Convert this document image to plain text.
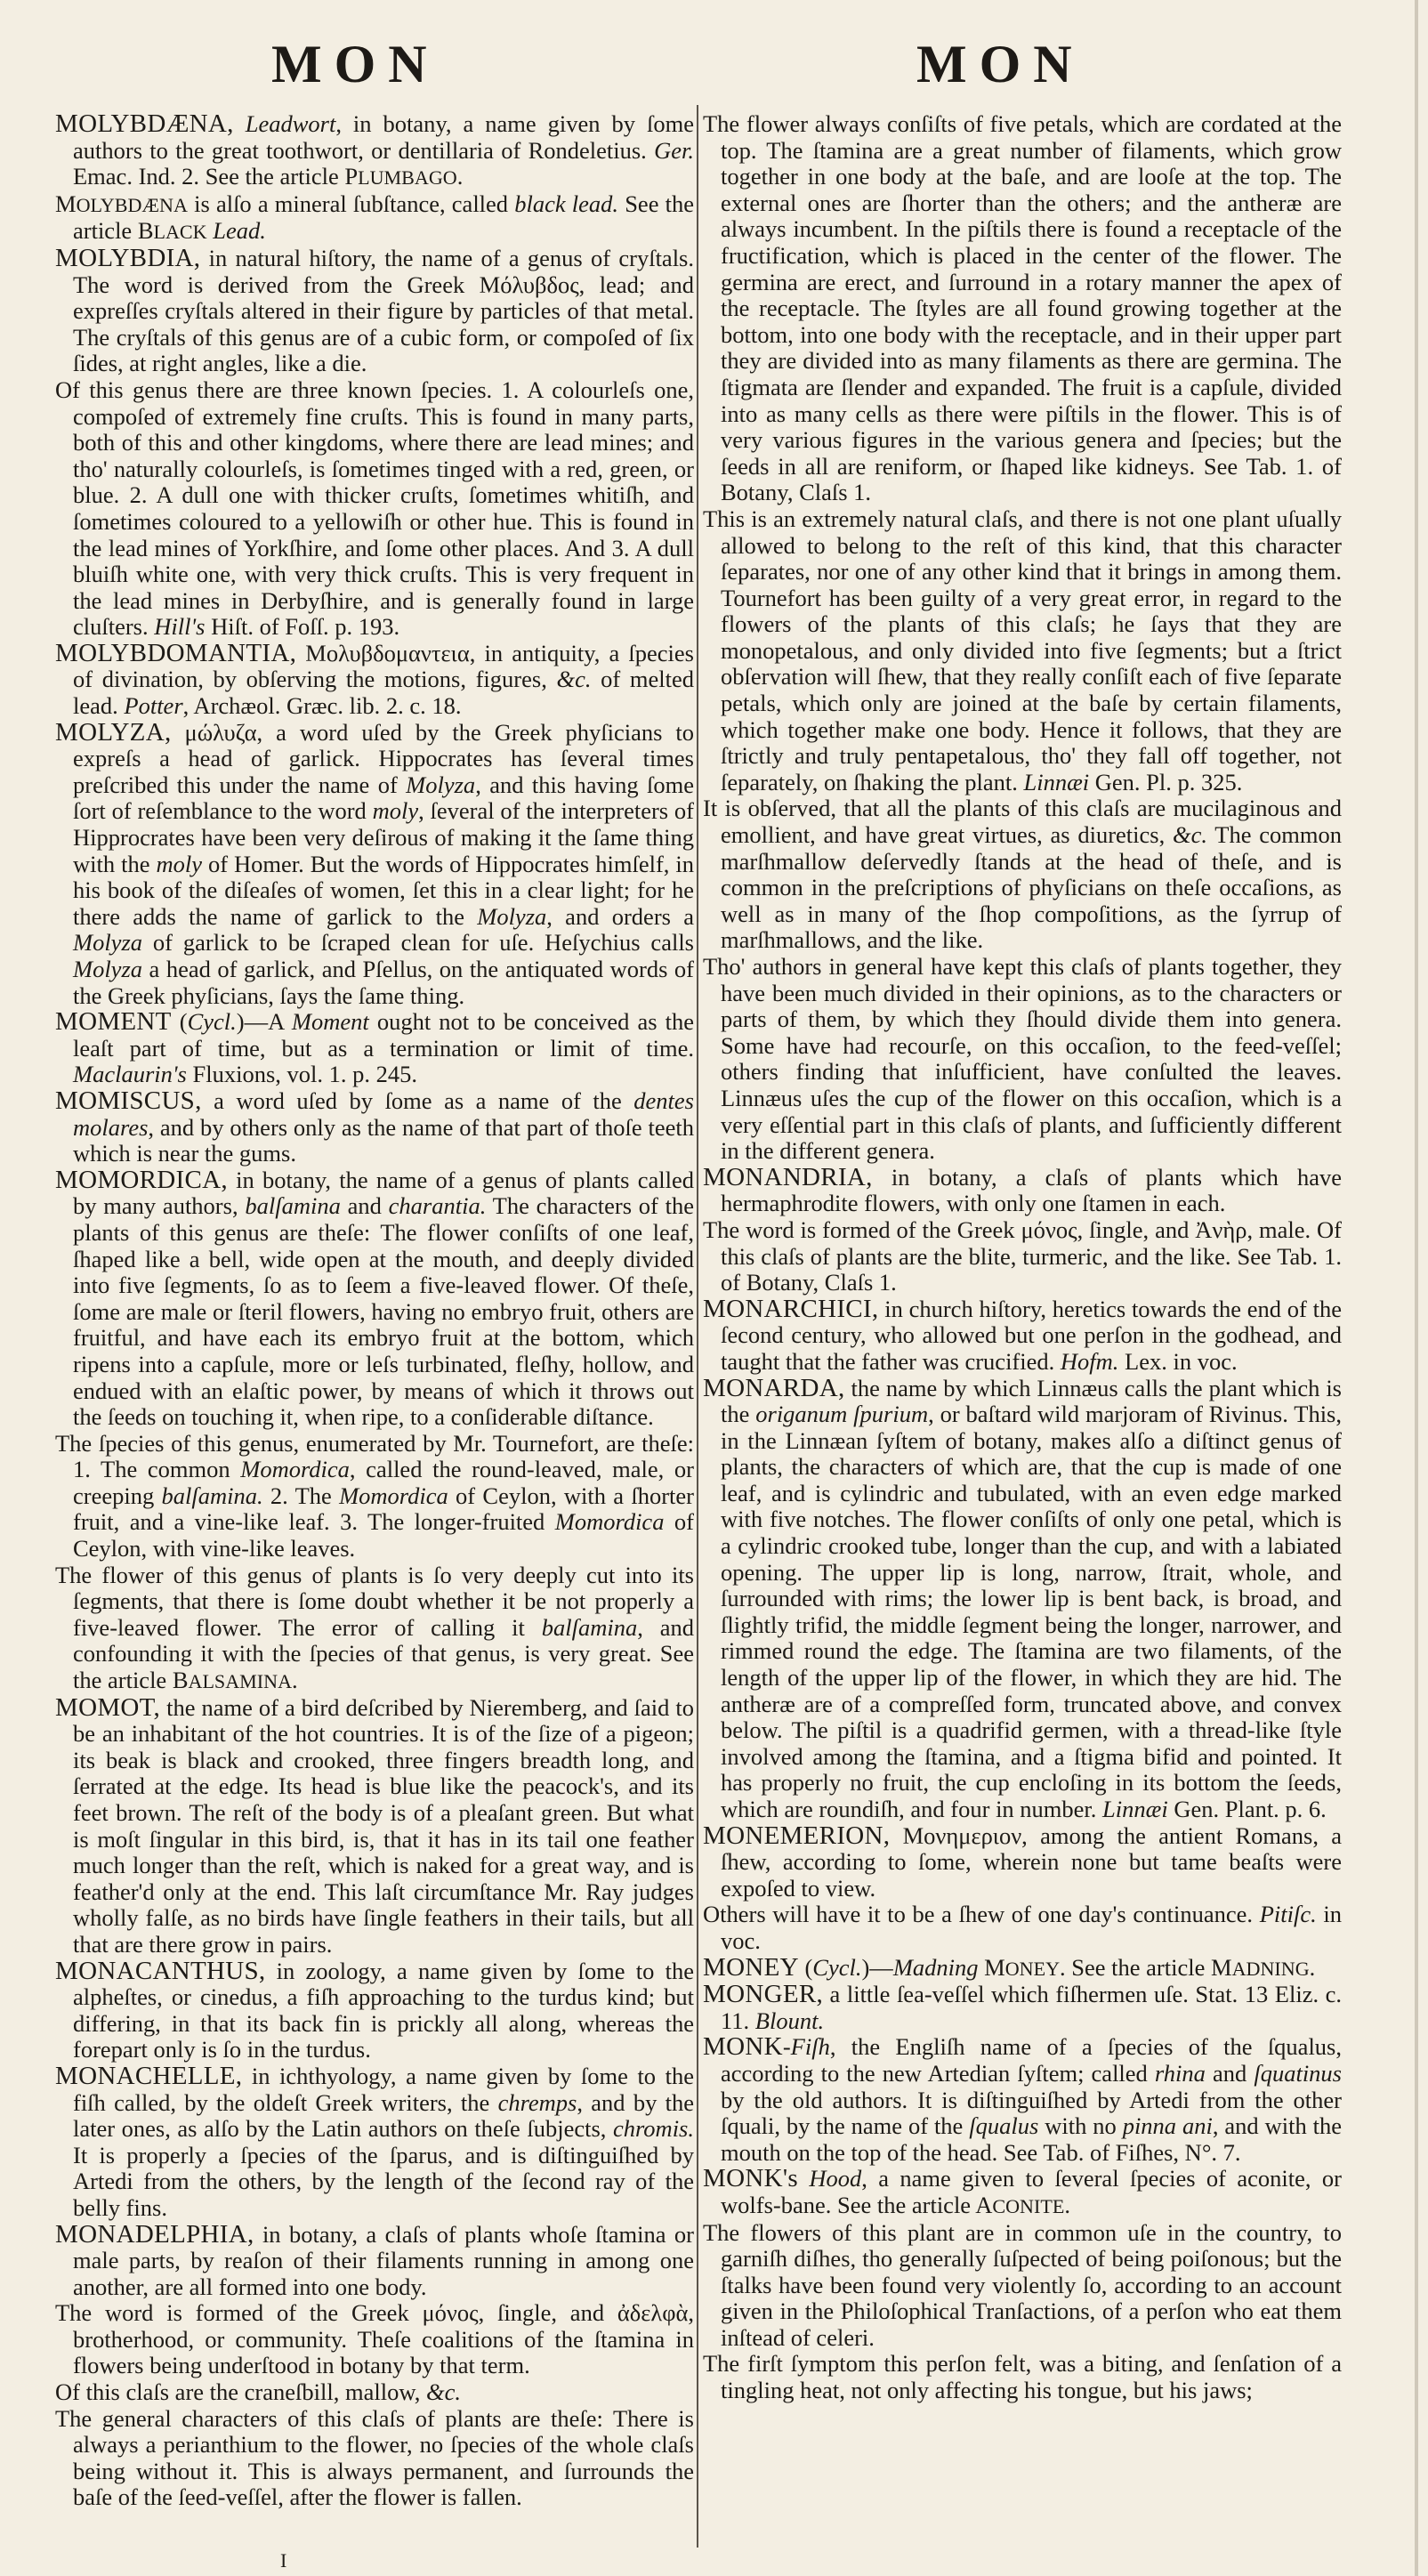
MON	MON

MOLYBDÆNA, Leadwort, in botany, a name given by ſome authors to the great toothwort, or dentillaria of Rondeletius. Ger. Emac. Ind. 2. See the article PLUMBAGO.

MOLYBDÆNA is alſo a mineral ſubſtance, called black lead. See the article BLACK Lead.

MOLYBDIA, in natural hiſtory, the name of a genus of cryſtals. The word is derived from the Greek Μόλυβδος, lead; and expreſſes cryſtals altered in their figure by particles of that metal. The cryſtals of this genus are of a cubic form, or compoſed of ſix ſides, at right angles, like a die.

Of this genus there are three known ſpecies. 1. A colourleſs one, compoſed of extremely fine cruſts. This is found in many parts, both of this and other kingdoms, where there are lead mines; and tho' naturally colourleſs, is ſometimes tinged with a red, green, or blue. 2. A dull one with thicker cruſts, ſometimes whitiſh, and ſometimes coloured to a yellowiſh or other hue. This is found in the lead mines of Yorkſhire, and ſome other places. And 3. A dull bluiſh white one, with very thick cruſts. This is very frequent in the lead mines in Derbyſhire, and is generally found in large cluſters. Hill's Hiſt. of Foſſ. p. 193.

MOLYBDOMANTIA, Μολυβδομαντεια, in antiquity, a ſpecies of divination, by obſerving the motions, figures, &c. of melted lead. Potter, Archæol. Græc. lib. 2. c. 18.

MOLYZA, μώλυζα, a word uſed by the Greek phyſicians to expreſs a head of garlick. Hippocrates has ſeveral times preſcribed this under the name of Molyza, and this having ſome ſort of reſemblance to the word moly, ſeveral of the interpreters of Hipprocrates have been very deſirous of making it the ſame thing with the moly of Homer. But the words of Hippocrates himſelf, in his book of the diſeaſes of women, ſet this in a clear light; for he there adds the name of garlick to the Molyza, and orders a Molyza of garlick to be ſcraped clean for uſe. Heſychius calls Molyza a head of garlick, and Pſellus, on the antiquated words of the Greek phyſicians, ſays the ſame thing.

MOMENT (Cycl.)—A Moment ought not to be conceived as the leaſt part of time, but as a termination or limit of time. Maclaurin's Fluxions, vol. 1. p. 245.

MOMISCUS, a word uſed by ſome as a name of the dentes molares, and by others only as the name of that part of thoſe teeth which is near the gums.

MOMORDICA, in botany, the name of a genus of plants called by many authors, balſamina and charantia. The characters of the plants of this genus are theſe: The flower conſiſts of one leaf, ſhaped like a bell, wide open at the mouth, and deeply divided into five ſegments, ſo as to ſeem a five-leaved flower. Of theſe, ſome are male or ſteril flowers, having no embryo fruit, others are fruitful, and have each its embryo fruit at the bottom, which ripens into a capſule, more or leſs turbinated, fleſhy, hollow, and endued with an elaſtic power, by means of which it throws out the ſeeds on touching it, when ripe, to a conſiderable diſtance.

The ſpecies of this genus, enumerated by Mr. Tournefort, are theſe: 1. The common Momordica, called the round-leaved, male, or creeping balſamina. 2. The Momordica of Ceylon, with a ſhorter fruit, and a vine-like leaf. 3. The longer-fruited Momordica of Ceylon, with vine-like leaves.

The flower of this genus of plants is ſo very deeply cut into its ſegments, that there is ſome doubt whether it be not properly a five-leaved flower. The error of calling it balſamina, and confounding it with the ſpecies of that genus, is very great. See the article BALSAMINA.

MOMOT, the name of a bird deſcribed by Nieremberg, and ſaid to be an inhabitant of the hot countries. It is of the ſize of a pigeon; its beak is black and crooked, three fingers breadth long, and ſerrated at the edge. Its head is blue like the peacock's, and its feet brown. The reſt of the body is of a pleaſant green. But what is moſt ſingular in this bird, is, that it has in its tail one feather much longer than the reſt, which is naked for a great way, and is feather'd only at the end. This laſt circumſtance Mr. Ray judges wholly falſe, as no birds have ſingle feathers in their tails, but all that are there grow in pairs.

MONACANTHUS, in zoology, a name given by ſome to the alpheſtes, or cinedus, a fiſh approaching to the turdus kind; but differing, in that its back fin is prickly all along, whereas the forepart only is ſo in the turdus.

MONACHELLE, in ichthyology, a name given by ſome to the fiſh called, by the oldeſt Greek writers, the chremps, and by the later ones, as alſo by the Latin authors on theſe ſubjects, chromis. It is properly a ſpecies of the ſparus, and is diſtinguiſhed by Artedi from the others, by the length of the ſecond ray of the belly fins.

MONADELPHIA, in botany, a claſs of plants whoſe ſtamina or male parts, by reaſon of their filaments running in among one another, are all formed into one body.

The word is formed of the Greek μόνος, ſingle, and ἀδελφὰ, brotherhood, or community. Theſe coalitions of the ſtamina in flowers being underſtood in botany by that term.

Of this claſs are the craneſbill, mallow, &c.

The general characters of this claſs of plants are theſe: There is always a perianthium to the flower, no ſpecies of the whole claſs being without it. This is always permanent, and ſurrounds the baſe of the ſeed-veſſel, after the flower is fallen.

The flower always conſiſts of five petals, which are cordated at the top. The ſtamina are a great number of filaments, which grow together in one body at the baſe, and are looſe at the top. The external ones are ſhorter than the others; and the antheræ are always incumbent. In the piſtils there is found a receptacle of the fructification, which is placed in the center of the flower. The germina are erect, and ſurround in a rotary manner the apex of the receptacle. The ſtyles are all found growing together at the bottom, into one body with the receptacle, and in their upper part they are divided into as many filaments as there are germina. The ſtigmata are ſlender and expanded. The fruit is a capſule, divided into as many cells as there were piſtils in the flower. This is of very various figures in the various genera and ſpecies; but the ſeeds in all are reniform, or ſhaped like kidneys. See Tab. 1. of Botany, Claſs 1.

This is an extremely natural claſs, and there is not one plant uſually allowed to belong to the reſt of this kind, that this character ſeparates, nor one of any other kind that it brings in among them. Tournefort has been guilty of a very great error, in regard to the flowers of the plants of this claſs; he ſays that they are monopetalous, and only divided into five ſegments; but a ſtrict obſervation will ſhew, that they really conſiſt each of five ſeparate petals, which only are joined at the baſe by certain filaments, which together make one body. Hence it follows, that they are ſtrictly and truly pentapetalous, tho' they fall off together, not ſeparately, on ſhaking the plant. Linnæi Gen. Pl. p. 325.

It is obſerved, that all the plants of this claſs are mucilaginous and emollient, and have great virtues, as diuretics, &c. The common marſhmallow deſervedly ſtands at the head of theſe, and is common in the preſcriptions of phyſicians on theſe occaſions, as well as in many of the ſhop compoſitions, as the ſyrrup of marſhmallows, and the like.

Tho' authors in general have kept this claſs of plants together, they have been much divided in their opinions, as to the characters or parts of them, by which they ſhould divide them into genera. Some have had recourſe, on this occaſion, to the feed-veſſel; others finding that inſufficient, have conſulted the leaves. Linnæus uſes the cup of the flower on this occaſion, which is a very eſſential part in this claſs of plants, and ſufficiently different in the different genera.

MONANDRIA, in botany, a claſs of plants which have hermaphrodite flowers, with only one ſtamen in each.

The word is formed of the Greek μόνος, ſingle, and Ἀνὴρ, male. Of this claſs of plants are the blite, turmeric, and the like. See Tab. 1. of Botany, Claſs 1.

MONARCHICI, in church hiſtory, heretics towards the end of the ſecond century, who allowed but one perſon in the godhead, and taught that the father was crucified. Hofm. Lex. in voc.

MONARDA, the name by which Linnæus calls the plant which is the origanum ſpurium, or baſtard wild marjoram of Rivinus. This, in the Linnæan ſyſtem of botany, makes alſo a diſtinct genus of plants, the characters of which are, that the cup is made of one leaf, and is cylindric and tubulated, with an even edge marked with five notches. The flower conſiſts of only one petal, which is a cylindric crooked tube, longer than the cup, and with a labiated opening. The upper lip is long, narrow, ſtrait, whole, and ſurrounded with rims; the lower lip is bent back, is broad, and ſlightly trifid, the middle ſegment being the longer, narrower, and rimmed round the edge. The ſtamina are two filaments, of the length of the upper lip of the flower, in which they are hid. The antheræ are of a compreſſed form, truncated above, and convex below. The piſtil is a quadrifid germen, with a thread-like ſtyle involved among the ſtamina, and a ſtigma bifid and pointed. It has properly no fruit, the cup encloſing in its bottom the ſeeds, which are roundiſh, and four in number. Linnæi Gen. Plant. p. 6.

MONEMERION, Μονημεριον, among the antient Romans, a ſhew, according to ſome, wherein none but tame beaſts were expoſed to view.

Others will have it to be a ſhew of one day's continuance. Pitiſc. in voc.

MONEY (Cycl.)—Madning MONEY. See the article MADNING.

MONGER, a little ſea-veſſel which fiſhermen uſe. Stat. 13 Eliz. c. 11. Blount.

MONK-Fiſh, the Engliſh name of a ſpecies of the ſqualus, according to the new Artedian ſyſtem; called rhina and ſquatinus by the old authors. It is diſtinguiſhed by Artedi from the other ſquali, by the name of the ſqualus with no pinna ani, and with the mouth on the top of the head. See Tab. of Fiſhes, N°. 7.

MONK's Hood, a name given to ſeveral ſpecies of aconite, or wolfs-bane. See the article ACONITE.

The flowers of this plant are in common uſe in the country, to garniſh diſhes, tho generally ſuſpected of being poiſonous; but the ſtalks have been found very violently ſo, according to an account given in the Philoſophical Tranſactions, of a perſon who eat them inſtead of celeri.

The firſt ſymptom this perſon felt, was a biting, and ſenſation of a tingling heat, not only affecting his tongue, but his jaws;

I
